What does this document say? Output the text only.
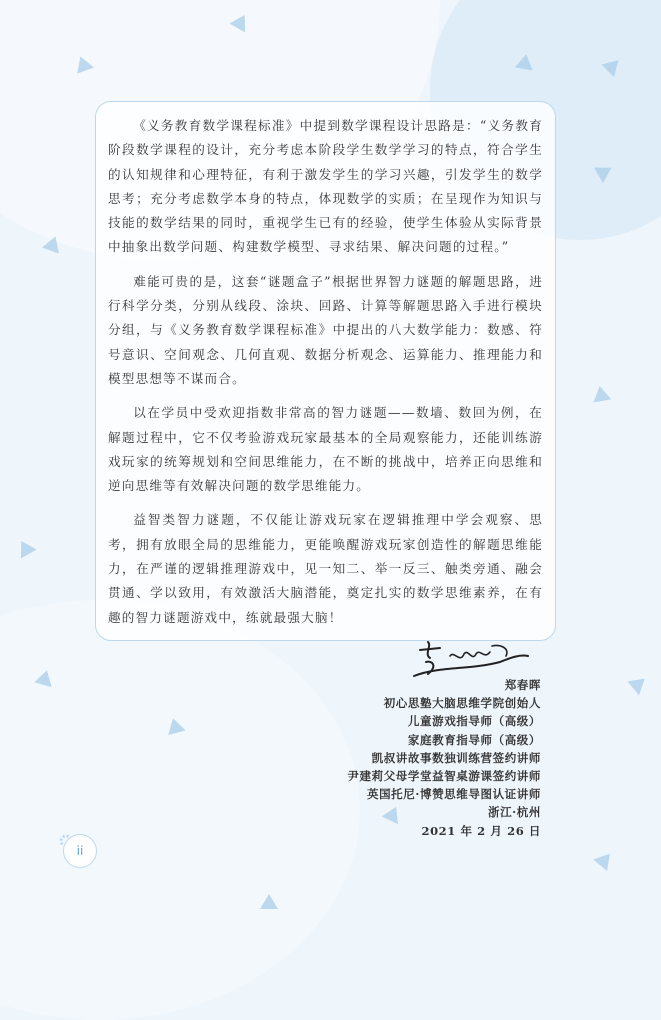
《义务教育数学课程标准》中提到数学课程设计思路是：“义务教育阶段数学课程的设计，充分考虑本阶段学生数学学习的特点，符合学生的认知规律和心理特征，有利于激发学生的学习兴趣，引发学生的数学思考；充分考虑数学本身的特点，体现数学的实质；在呈现作为知识与技能的数学结果的同时，重视学生已有的经验，使学生体验从实际背景中抽象出数学问题、构建数学模型、寻求结果、解决问题的过程。”

难能可贵的是，这套“谜题盒子”根据世界智力谜题的解题思路，进行科学分类，分别从线段、涂块、回路、计算等解题思路入手进行模块分组，与《义务教育数学课程标准》中提出的八大数学能力：数感、符号意识、空间观念、几何直观、数据分析观念、运算能力、推理能力和模型思想等不谋而合。

以在学员中受欢迎指数非常高的智力谜题——数墙、数回为例，在解题过程中，它不仅考验游戏玩家最基本的全局观察能力，还能训练游戏玩家的统筹规划和空间思维能力，在不断的挑战中，培养正向思维和逆向思维等有效解决问题的数学思维能力。

益智类智力谜题，不仅能让游戏玩家在逻辑推理中学会观察、思考，拥有放眼全局的思维能力，更能唤醒游戏玩家创造性的解题思维能力，在严谨的逻辑推理游戏中，见一知二、举一反三、触类旁通、融会贯通、学以致用，有效激活大脑潜能，奠定扎实的数学思维素养，在有趣的智力谜题游戏中，练就最强大脑！

郑春晖
初心思塾大脑思维学院创始人
儿童游戏指导师（高级）
家庭教育指导师（高级）
凯叔讲故事数独训练营签约讲师
尹建莉父母学堂益智桌游课签约讲师
英国托尼·博赞思维导图认证讲师
浙江·杭州
2021 年 2 月 26 日
ii
